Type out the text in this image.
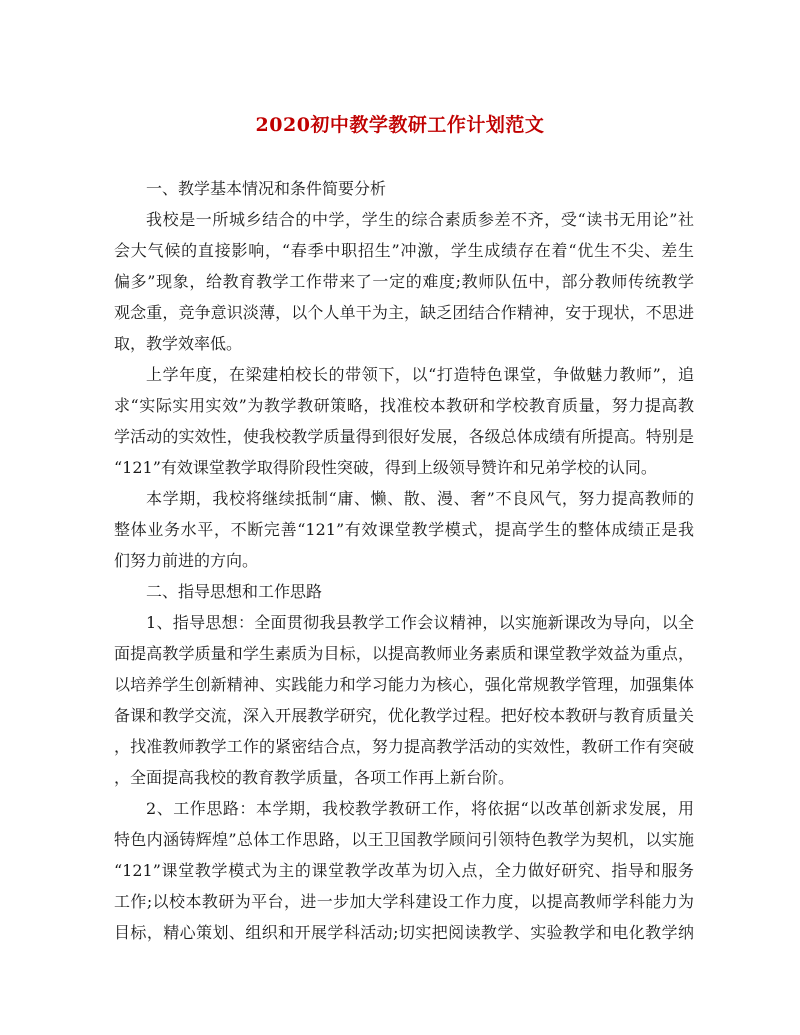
2020初中教学教研工作计划范文
一、教学基本情况和条件简要分析
我校是一所城乡结合的中学，学生的综合素质参差不齐，受“读书无用论”社
会大气候的直接影响，“春季中职招生”冲激，学生成绩存在着“优生不尖、差生
偏多”现象，给教育教学工作带来了一定的难度;教师队伍中，部分教师传统教学
观念重，竞争意识淡薄，以个人单干为主，缺乏团结合作精神，安于现状，不思进
取，教学效率低。
上学年度，在梁建柏校长的带领下，以“打造特色课堂，争做魅力教师”，追
求“实际实用实效”为教学教研策略，找准校本教研和学校教育质量，努力提高教
学活动的实效性，使我校教学质量得到很好发展，各级总体成绩有所提高。特别是
“121”有效课堂教学取得阶段性突破，得到上级领导赞许和兄弟学校的认同。
本学期，我校将继续抵制“庸、懒、散、漫、奢”不良风气，努力提高教师的
整体业务水平，不断完善“121”有效课堂教学模式，提高学生的整体成绩正是我
们努力前进的方向。
二、指导思想和工作思路
1、指导思想：全面贯彻我县教学工作会议精神，以实施新课改为导向，以全
面提高教学质量和学生素质为目标，以提高教师业务素质和课堂教学效益为重点，
以培养学生创新精神、实践能力和学习能力为核心，强化常规教学管理，加强集体
备课和教学交流，深入开展教学研究，优化教学过程。把好校本教研与教育质量关
，找准教师教学工作的紧密结合点，努力提高教学活动的实效性，教研工作有突破
，全面提高我校的教育教学质量，各项工作再上新台阶。
2、工作思路：本学期，我校教学教研工作，将依据“以改革创新求发展，用
特色内涵铸辉煌”总体工作思路，以王卫国教学顾问引领特色教学为契机，以实施
“121”课堂教学模式为主的课堂教学改革为切入点，全力做好研究、指导和服务
工作;以校本教研为平台，进一步加大学科建设工作力度，以提高教师学科能力为
目标，精心策划、组织和开展学科活动;切实把阅读教学、实验教学和电化教学纳
